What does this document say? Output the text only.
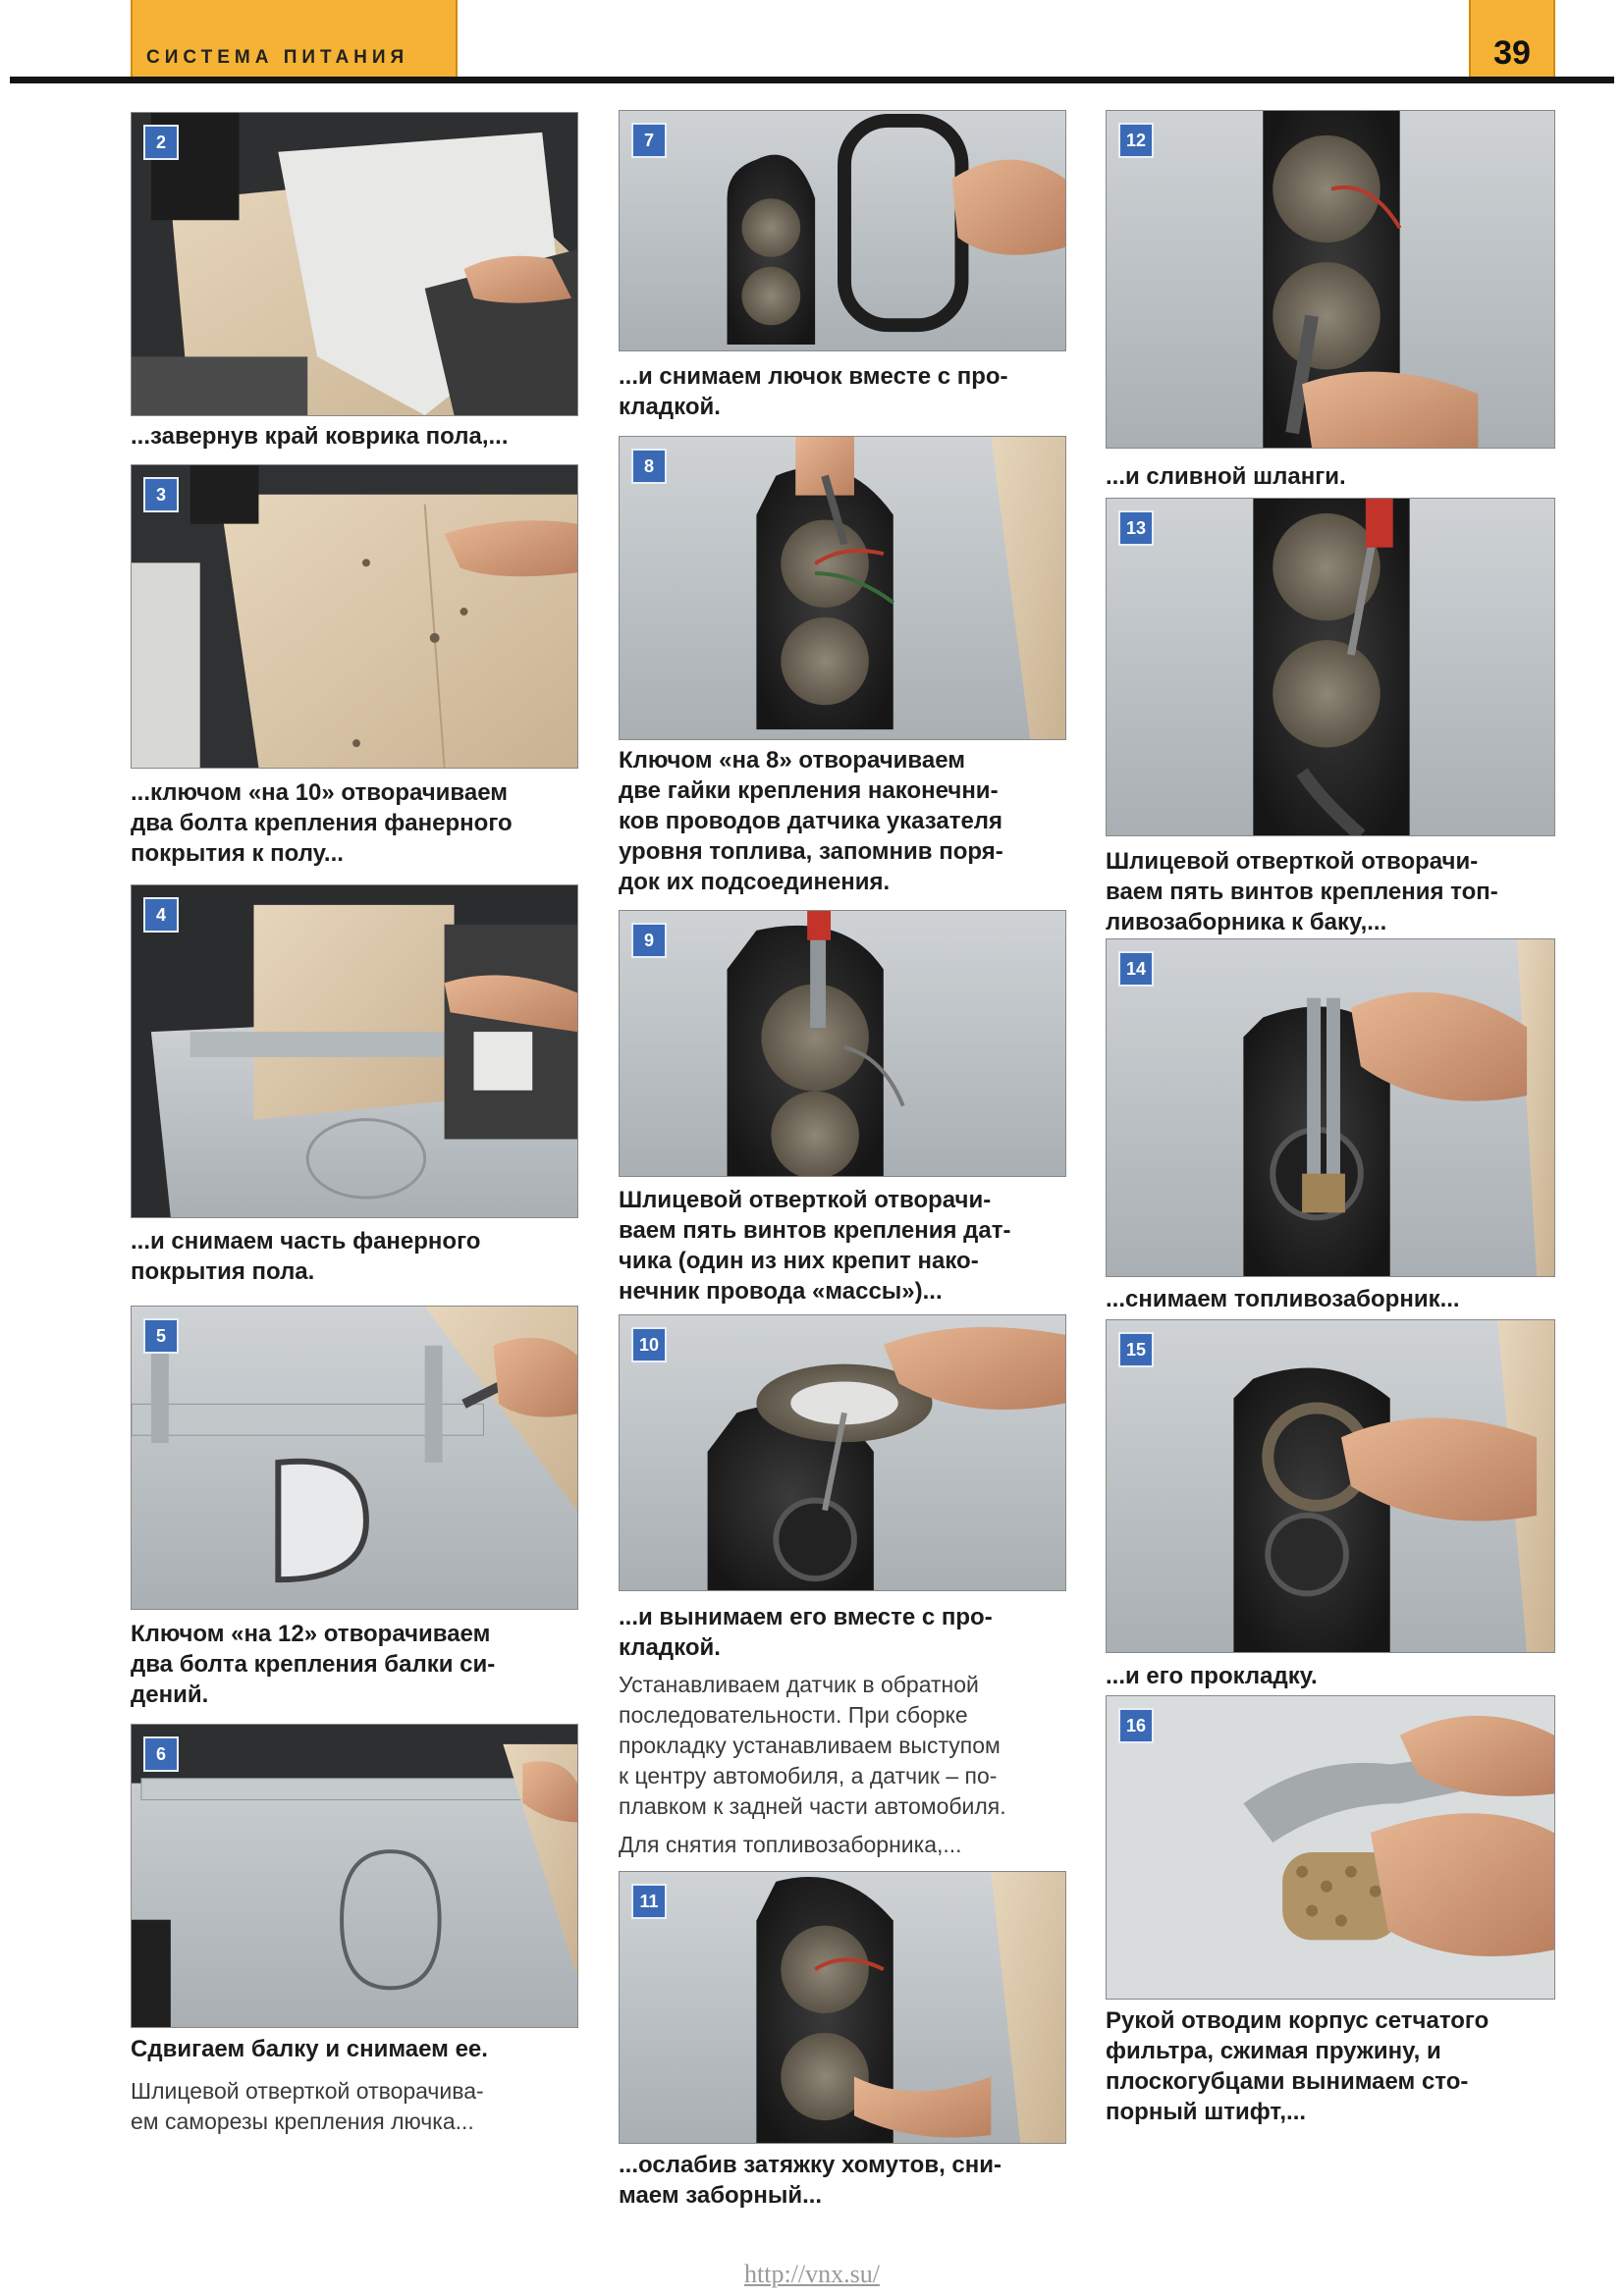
СИСТЕМА ПИТАНИЯ	39
2
...завернув край коврика пола,...
3
...ключом «на 10» отворачиваем
два болта крепления фанерного
покрытия к полу...
4
...и снимаем часть фанерного
покрытия пола.
5
Ключом «на 12» отворачиваем
два болта крепления балки си-
дений.
6
Сдвигаем балку и снимаем ее.
Шлицевой отверткой отворачива-
ем саморезы крепления лючка...
7
...и снимаем лючок вместе с про-
кладкой.
8
Ключом «на 8» отворачиваем
две гайки крепления наконечни-
ков проводов датчика указателя
уровня топлива, запомнив поря-
док их подсоединения.
9
Шлицевой отверткой отворачи-
ваем пять винтов крепления дат-
чика (один из них крепит нако-
нечник провода «массы»)...
10
...и вынимаем его вместе с про-
кладкой.
Устанавливаем датчик в обратной
последовательности. При сборке
прокладку устанавливаем выступом
к центру автомобиля, а датчик – по-
плавком к задней части автомобиля.
Для снятия топливозаборника,...
11
...ослабив затяжку хомутов, сни-
маем заборный...
12
...и сливной шланги.
13
Шлицевой отверткой отворачи-
ваем пять винтов крепления топ-
ливозаборника к баку,...
14
...снимаем топливозаборник...
15
...и его прокладку.
16
Рукой отводим корпус сетчатого
фильтра, сжимая пружину, и
плоскогубцами вынимаем сто-
порный штифт,...
http://vnx.su/
